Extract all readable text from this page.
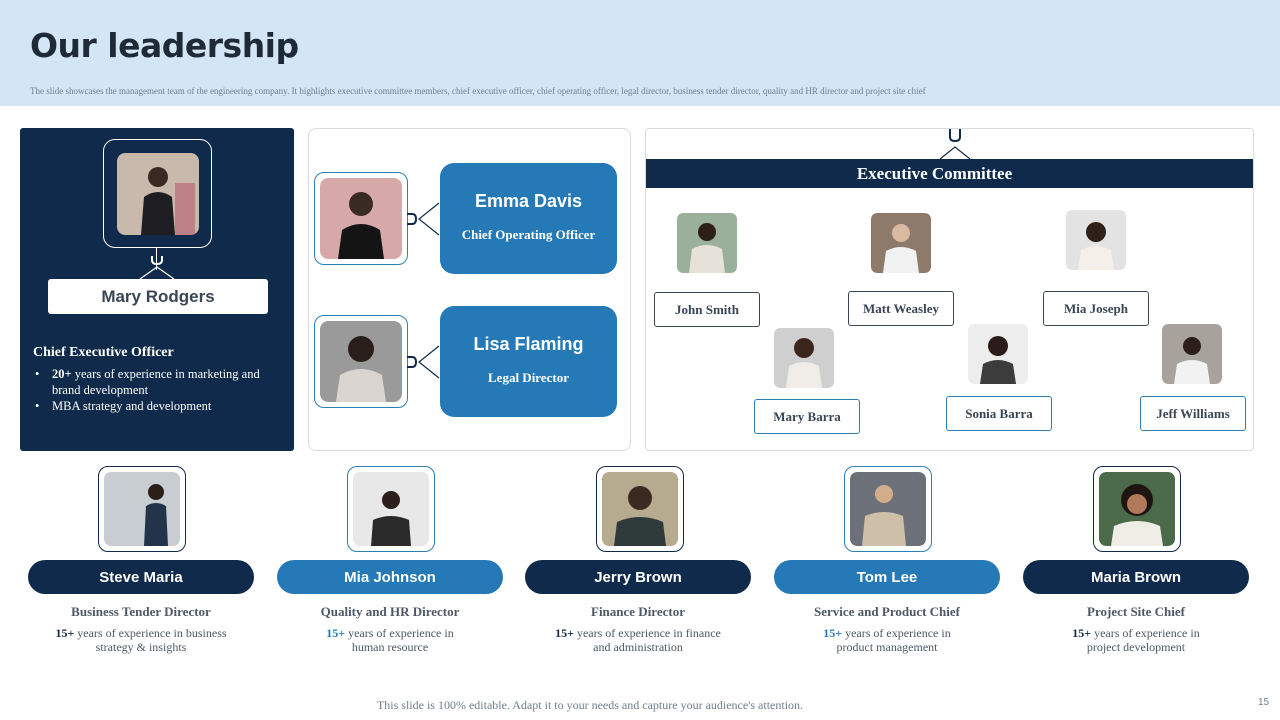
Our leadership
The slide showcases the management team of the engineering company. It highlights executive committee members, chief executive officer, chief operating officer, legal director, business tender director, quality and HR director and project site chief
Mary Rodgers
Chief Executive Officer
• 20+ years of experience in marketing and brand development
• MBA strategy and development
Emma Davis
Chief Operating Officer
Lisa Flaming
Legal Director
Executive Committee
John Smith	Matt Weasley	Mia Joseph
Mary Barra	Sonia Barra	Jeff Williams
Steve Maria
Business Tender Director
15+ years of experience in business
strategy & insights
Mia Johnson
Quality and HR Director
15+ years of experience in
human resource
Jerry Brown
Finance Director
15+ years of experience in finance
and administration
Tom Lee
Service and Product Chief
15+ years of experience in
product management
Maria Brown
Project Site Chief
15+ years of experience in
project development
This slide is 100% editable. Adapt it to your needs and capture your audience's attention.	15
